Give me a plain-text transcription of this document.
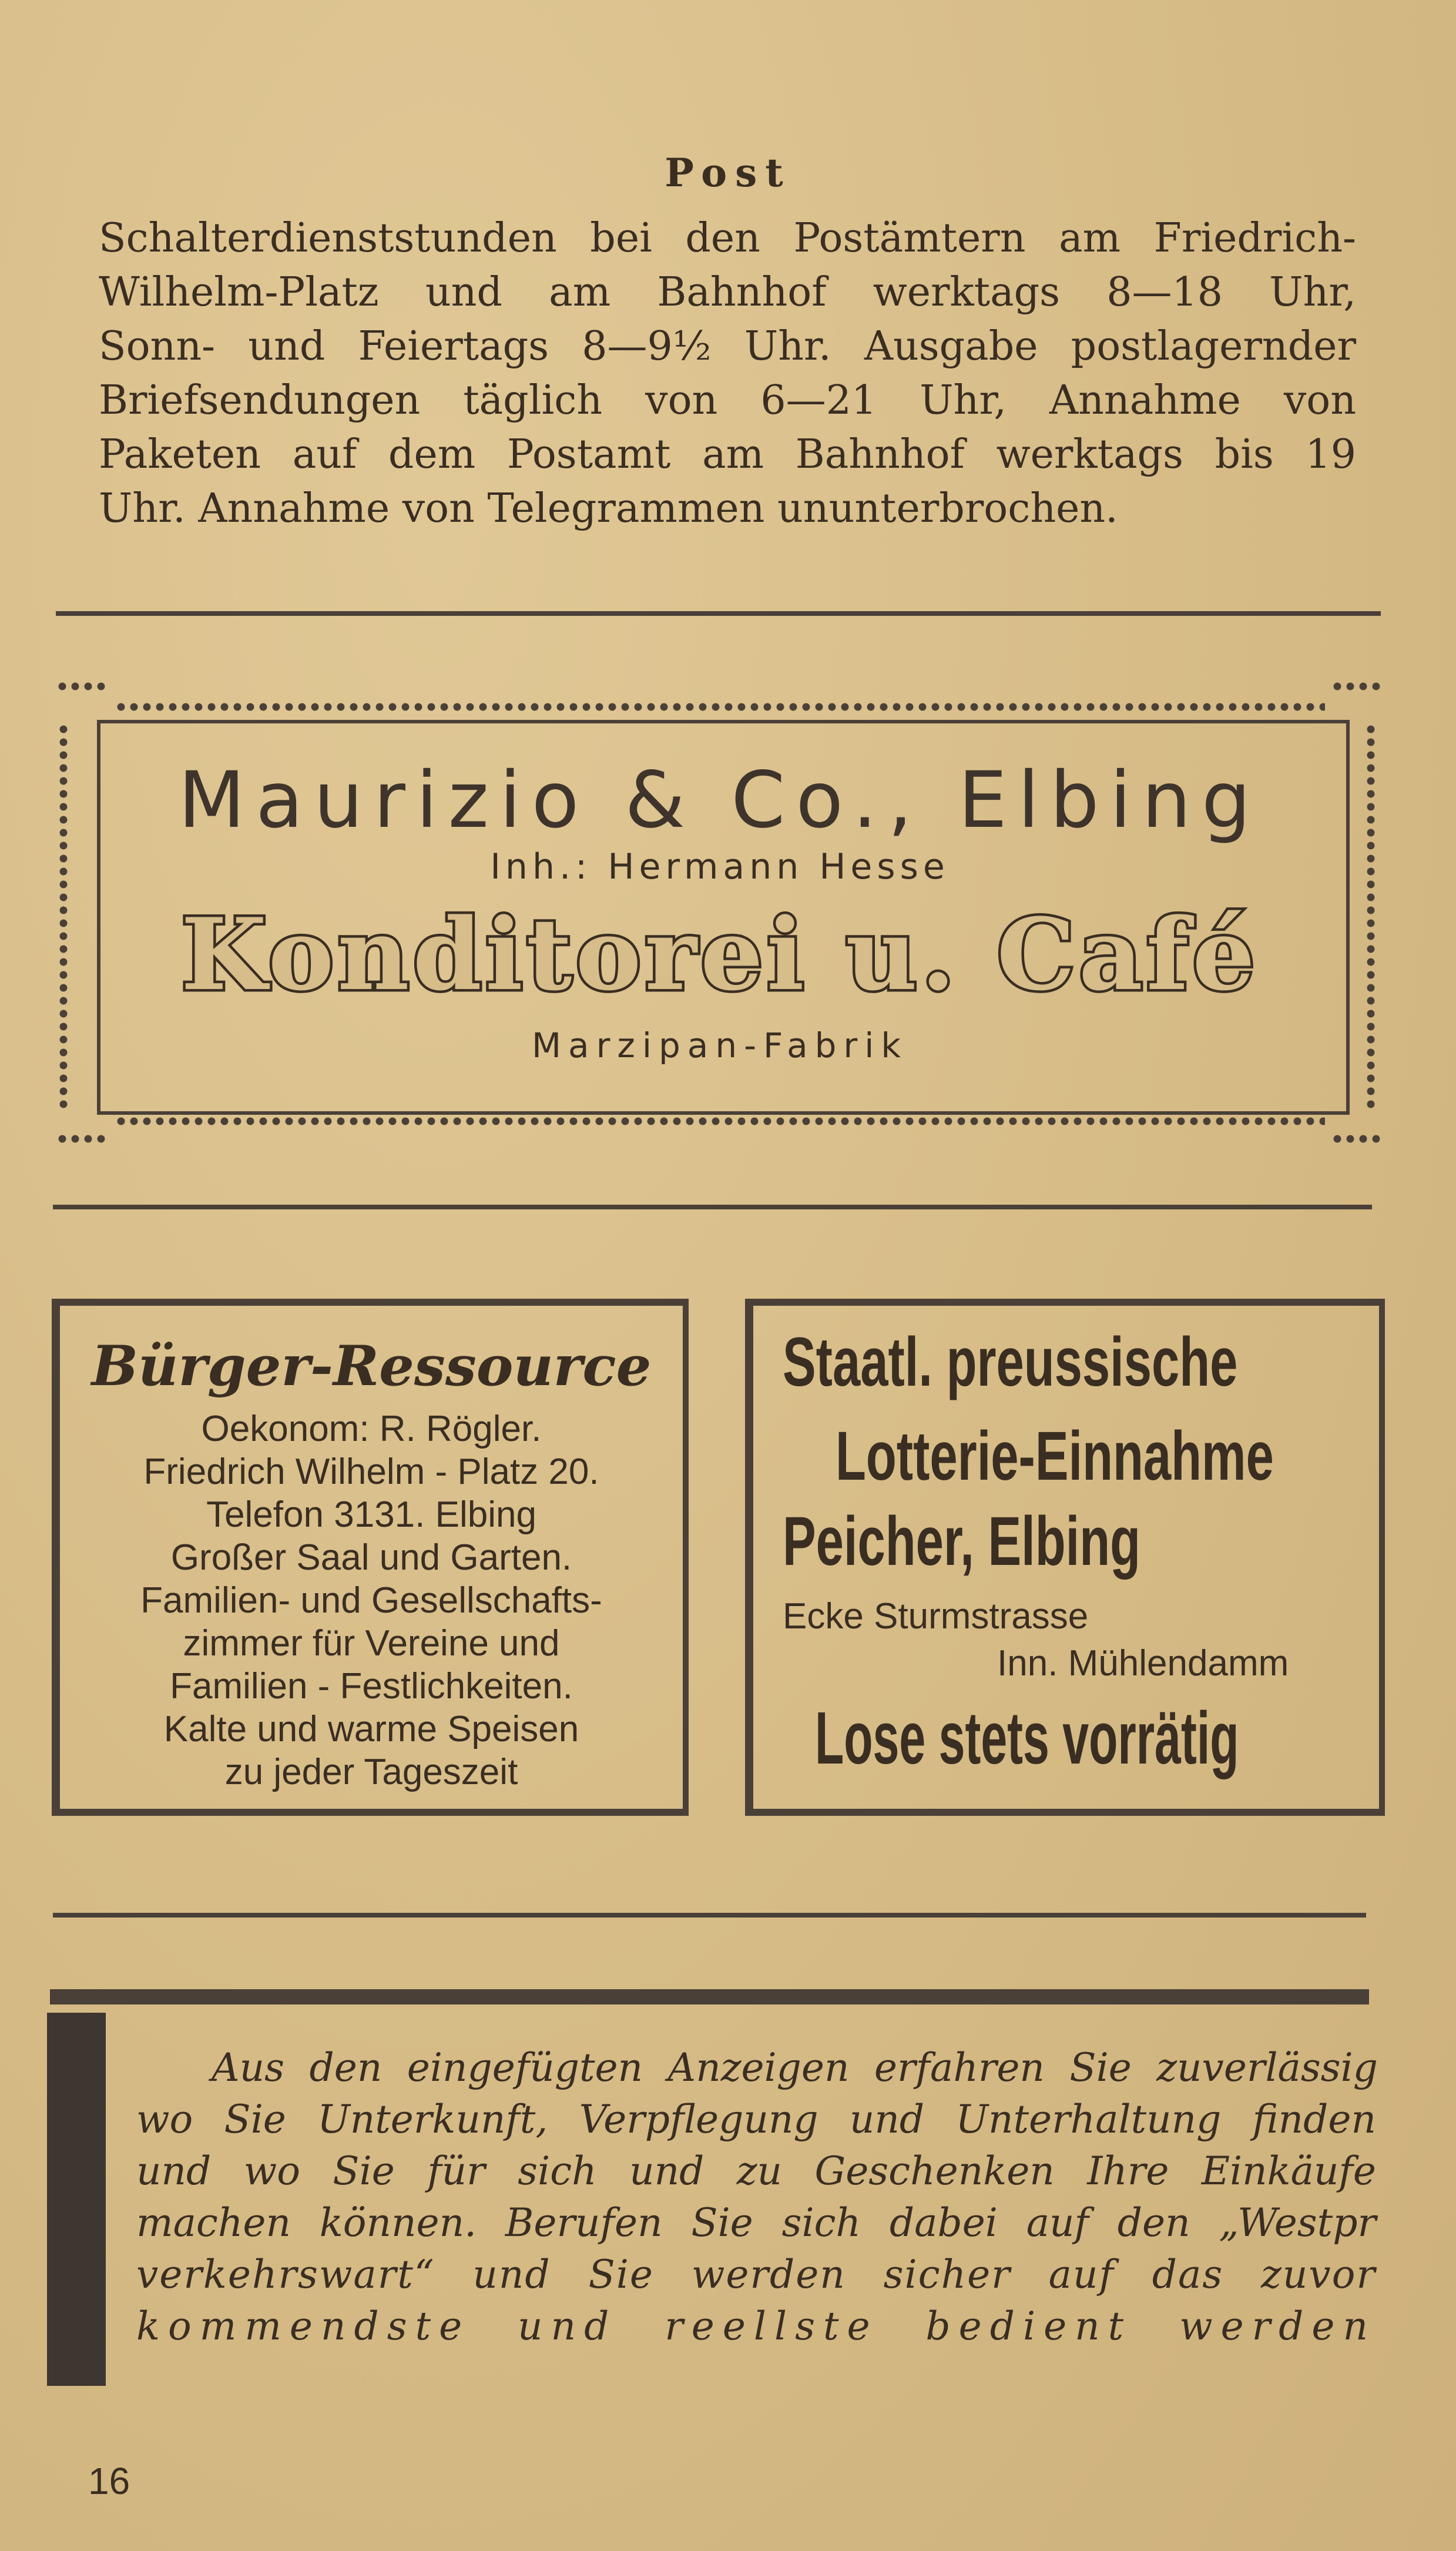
Post
Schalterdienststunden bei den Postämtern am Friedrich-
Wilhelm-Platz und am Bahnhof werktags 8—18 Uhr,
Sonn- und Feiertags 8—9½ Uhr. Ausgabe postlagernder
Briefsendungen täglich von 6—21 Uhr, Annahme von
Paketen auf dem Postamt am Bahnhof werktags bis 19
Uhr. Annahme von Telegrammen ununterbrochen.
Maurizio & Co., Elbing
Inh.: Hermann Hesse
Konditorei u. Café
Marzipan-Fabrik
Bürger-Ressource
Oekonom: R. Rögler.
Friedrich Wilhelm - Platz 20.
Telefon 3131. Elbing
Großer Saal und Garten.
Familien- und Gesellschafts-
zimmer für Vereine und
Familien - Festlichkeiten.
Kalte und warme Speisen
zu jeder Tageszeit
Staatl. preussische
Lotterie-Einnahme
Peicher, Elbing
Ecke Sturmstrasse
Inn. Mühlendamm
Lose stets vorrätig
Aus den eingefügten Anzeigen erfahren Sie zuverlässig
wo Sie Unterkunft, Verpflegung und Unterhaltung finden
und wo Sie für sich und zu Geschenken Ihre Einkäufe
machen können. Berufen Sie sich dabei auf den „Westpr
verkehrswart“ und Sie werden sicher auf das zuvor
kommendste und reellste bedient werden
16
